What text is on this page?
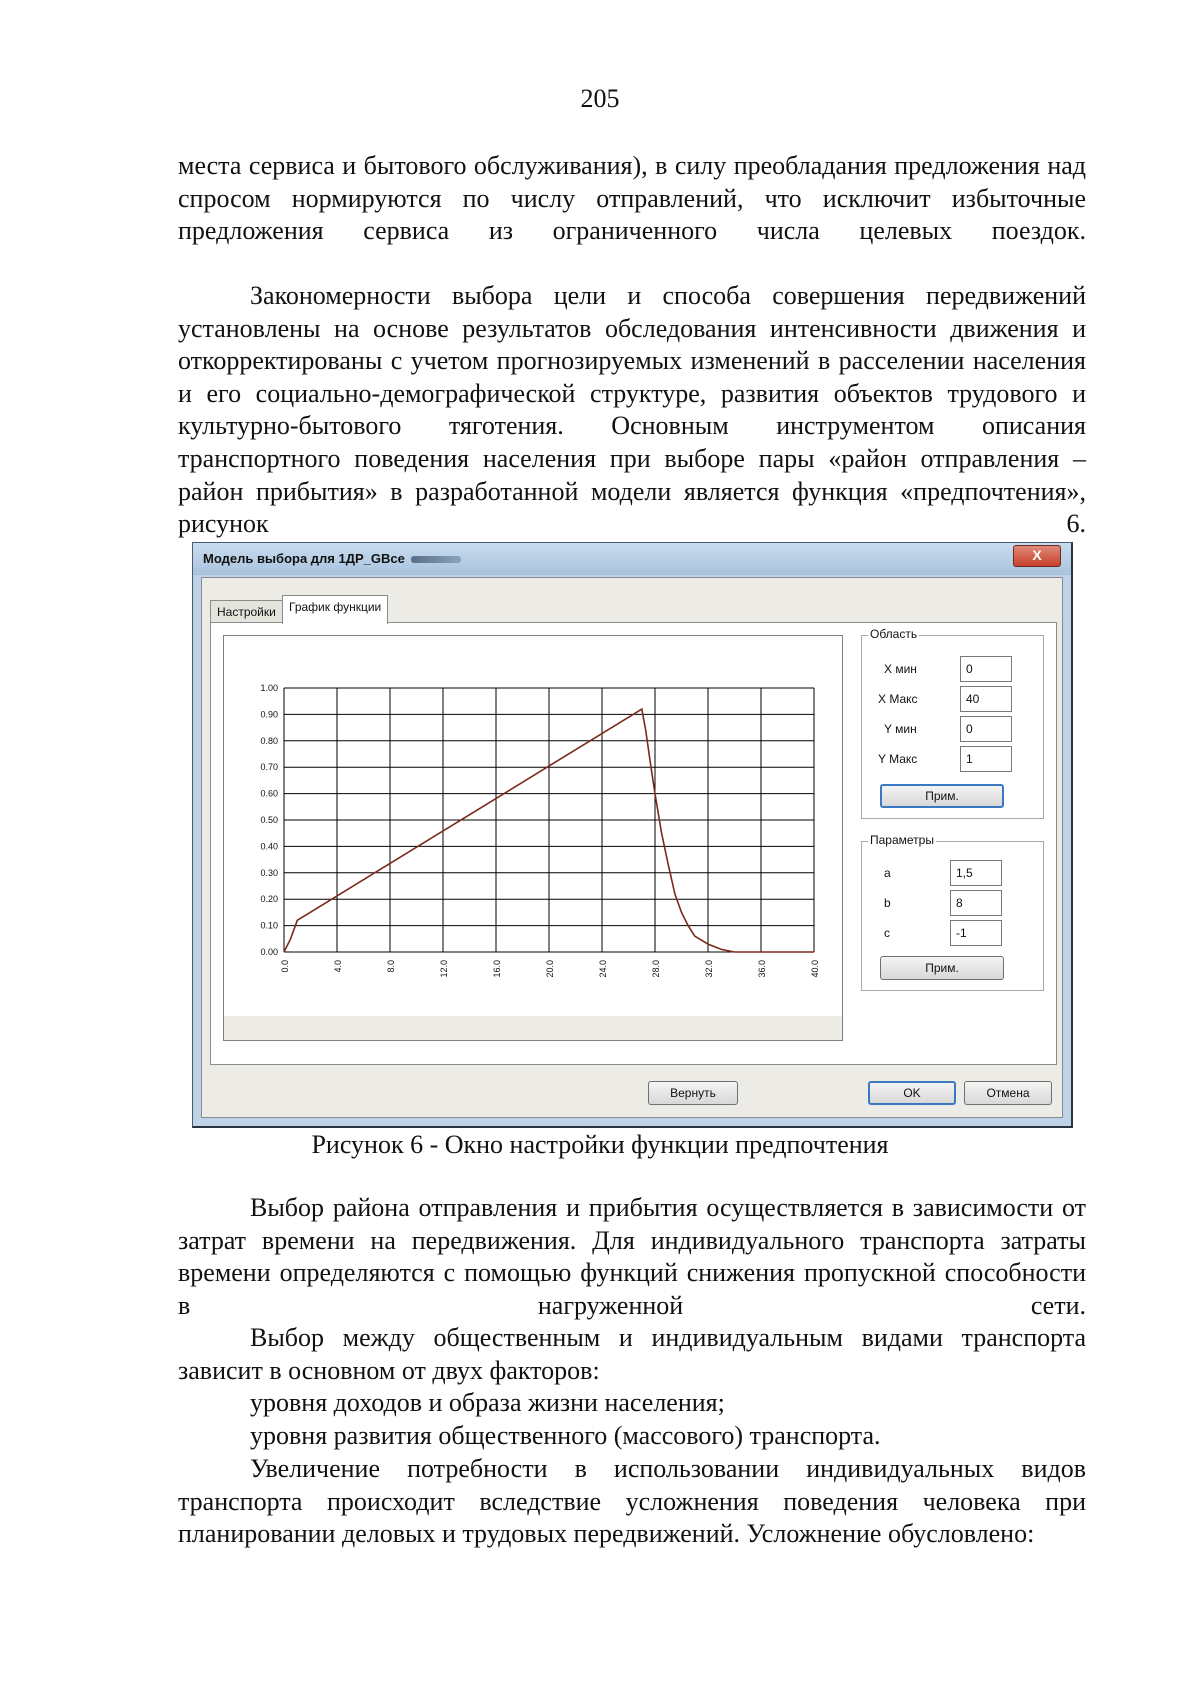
205

места сервиса и бытового обслуживания), в силу преобладания предложения над спросом нормируются по числу отправлений, что исключит избыточные предложения сервиса из ограниченного числа целевых поездок.

Закономерности выбора цели и способа совершения передвижений установлены на основе результатов обследования интенсивности движения и откорректированы с учетом прогнозируемых изменений в расселении населения и его социально-демографической структуре, развития объектов трудового и культурно-бытового тяготения. Основным инструментом описания транспортного поведения населения при выборе пары «район отправления – район прибытия» в разработанной модели является функция «предпочтения», рисунок 6.

Модель выбора для 1ДР_GBce	X
Настройки	График функции
0.0	4.0	8.0	12.0	16.0	20.0	24.0	28.0	32.0	36.0	40.0
0.00
0.10
0.20
0.30
0.40
0.50
0.60
0.70
0.80
0.90
1.00
Область
X мин	0
X Макс	40
Y мин	0
Y Макс	1
Прим.
Параметры
a	1,5
b	8
c	-1
Прим.
Вернуть	OK	Отмена
Рисунок 6 - Окно настройки функции предпочтения

Выбор района отправления и прибытия осуществляется в зависимости от затрат времени на передвижения. Для индивидуального транспорта затраты времени определяются с помощью функций снижения пропускной способности в нагруженной сети.

Выбор между общественным и индивидуальным видами транспорта зависит в основном от двух факторов:

уровня доходов и образа жизни населения;

уровня развития общественного (массового) транспорта.

Увеличение потребности в использовании индивидуальных видов транспорта происходит вследствие усложнения поведения человека при планировании деловых и трудовых передвижений. Усложнение обусловлено:
